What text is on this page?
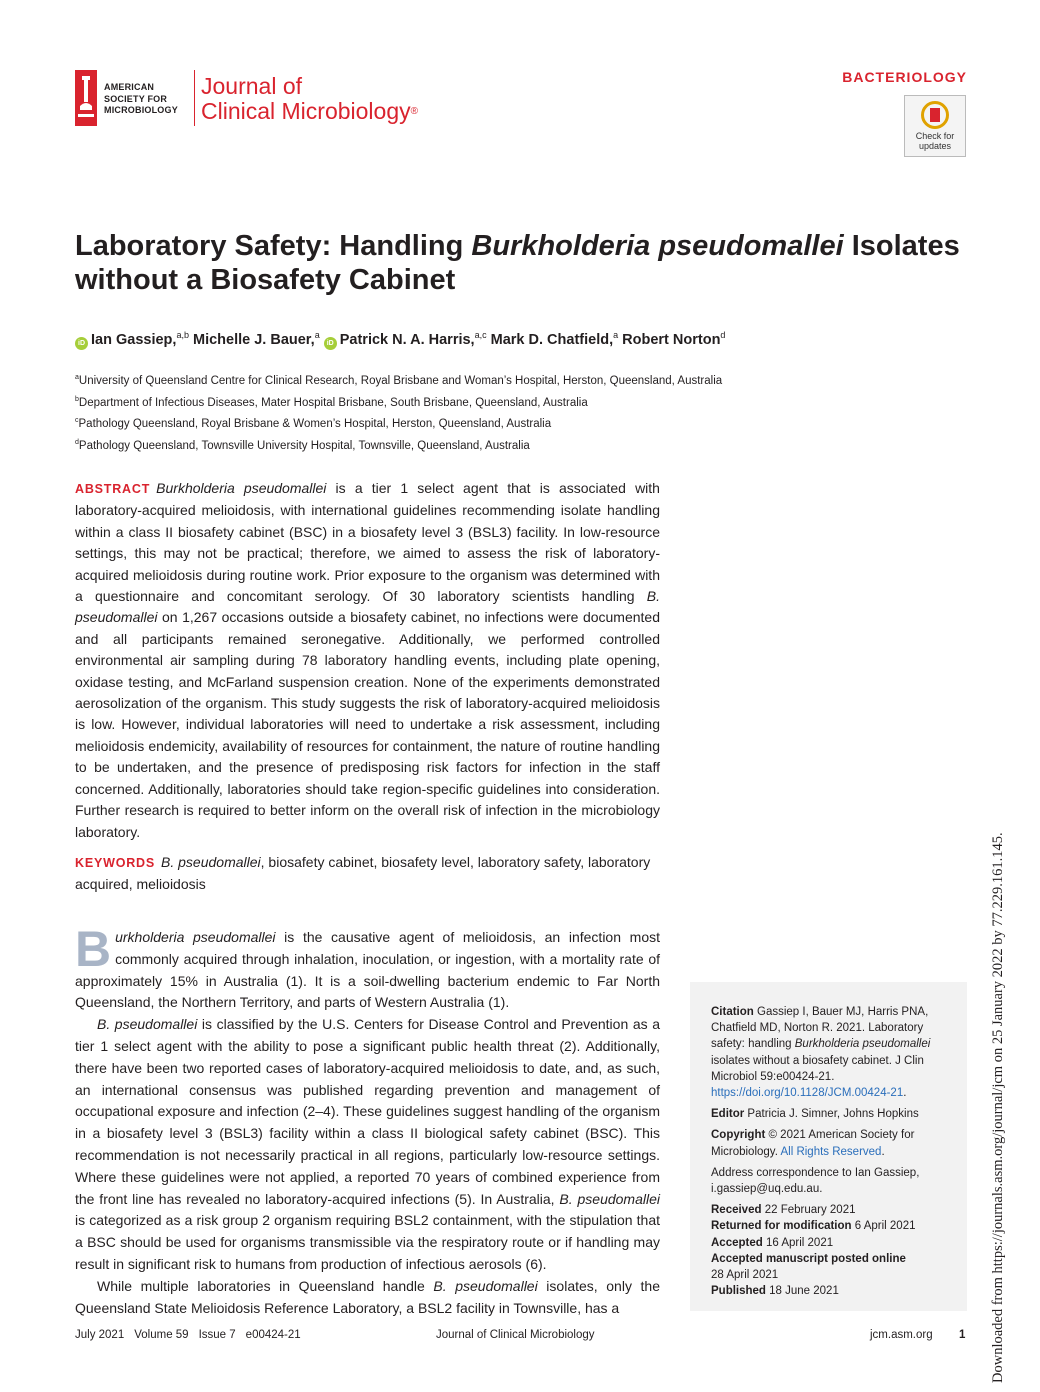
AMERICAN
SOCIETY FOR
MICROBIOLOGY
Journal of
Clinical Microbiology®
BACTERIOLOGY
Check for
updates
Laboratory Safety: Handling Burkholderia pseudomallei Isolates
without a Biosafety Cabinet
iD Ian Gassiep,$^{a,b}$ Michelle J. Bauer,$^a$ iD Patrick N. A. Harris,$^{a,c}$ Mark D. Chatfield,$^a$ Robert Norton$^d$
$^a$University of Queensland Centre for Clinical Research, Royal Brisbane and Woman’s Hospital, Herston, Queensland, Australia
$^b$Department of Infectious Diseases, Mater Hospital Brisbane, South Brisbane, Queensland, Australia
$^c$Pathology Queensland, Royal Brisbane & Women’s Hospital, Herston, Queensland, Australia
$^d$Pathology Queensland, Townsville University Hospital, Townsville, Queensland, Australia
ABSTRACT Burkholderia pseudomallei is a tier 1 select agent that is associated with laboratory-acquired melioidosis, with international guidelines recommending isolate handling within a class II biosafety cabinet (BSC) in a biosafety level 3 (BSL3) facility. In low-resource settings, this may not be practical; therefore, we aimed to assess the risk of laboratory-acquired melioidosis during routine work. Prior exposure to the organism was determined with a questionnaire and concomitant serology. Of 30 laboratory scientists handling B. pseudomallei on 1,267 occasions outside a biosafety cabinet, no infections were documented and all participants remained seronegative. Additionally, we performed controlled environmental air sampling during 78 laboratory handling events, including plate opening, oxidase testing, and McFarland suspension creation. None of the experiments demonstrated aerosolization of the organism. This study suggests the risk of laboratory-acquired melioidosis is low. However, individual laboratories will need to undertake a risk assessment, including melioidosis endemicity, availability of resources for containment, the nature of routine handling to be undertaken, and the presence of predisposing risk factors for infection in the staff concerned. Additionally, laboratories should take region-specific guidelines into consideration. Further research is required to better inform on the overall risk of infection in the microbiology laboratory.
KEYWORDS B. pseudomallei, biosafety cabinet, biosafety level, laboratory safety, laboratory acquired, melioidosis

Burkholderia pseudomallei is the causative agent of melioidosis, an infection most commonly acquired through inhalation, inoculation, or ingestion, with a mortality rate of approximately 15% in Australia (1). It is a soil-dwelling bacterium endemic to Far North Queensland, the Northern Territory, and parts of Western Australia (1).

B. pseudomallei is classified by the U.S. Centers for Disease Control and Prevention as a tier 1 select agent with the ability to pose a significant public health threat (2). Additionally, there have been two reported cases of laboratory-acquired melioidosis to date, and, as such, an international consensus was published regarding prevention and management of occupational exposure and infection (2–4). These guidelines suggest handling of the organism in a biosafety level 3 (BSL3) facility within a class II biological safety cabinet (BSC). This recommendation is not necessarily practical in all regions, particularly low-resource settings. Where these guidelines were not applied, a reported 70 years of combined experience from the front line has revealed no laboratory-acquired infections (5). In Australia, B. pseudomallei is categorized as a risk group 2 organism requiring BSL2 containment, with the stipulation that a BSC should be used for organisms transmissible via the respiratory route or if handling may result in significant risk to humans from production of infectious aerosols (6).

While multiple laboratories in Queensland handle B. pseudomallei isolates, only the Queensland State Melioidosis Reference Laboratory, a BSL2 facility in Townsville, has a

Citation Gassiep I, Bauer MJ, Harris PNA, Chatfield MD, Norton R. 2021. Laboratory safety: handling Burkholderia pseudomallei isolates without a biosafety cabinet. J Clin Microbiol 59:e00424-21. https://doi.org/10.1128/JCM.00424-21.
Editor Patricia J. Simner, Johns Hopkins
Copyright © 2021 American Society for Microbiology. All Rights Reserved.
Address correspondence to Ian Gassiep, i.gassiep@uq.edu.au.
Received 22 February 2021
Returned for modification 6 April 2021
Accepted 16 April 2021
Accepted manuscript posted online
28 April 2021
Published 18 June 2021	Downloaded from https://journals.asm.org/journal/jcm on 25 January 2022 by 77.229.161.145.
July 2021 Volume 59 Issue 7 e00424-21	Journal of Clinical Microbiology	jcm.asm.org 1
